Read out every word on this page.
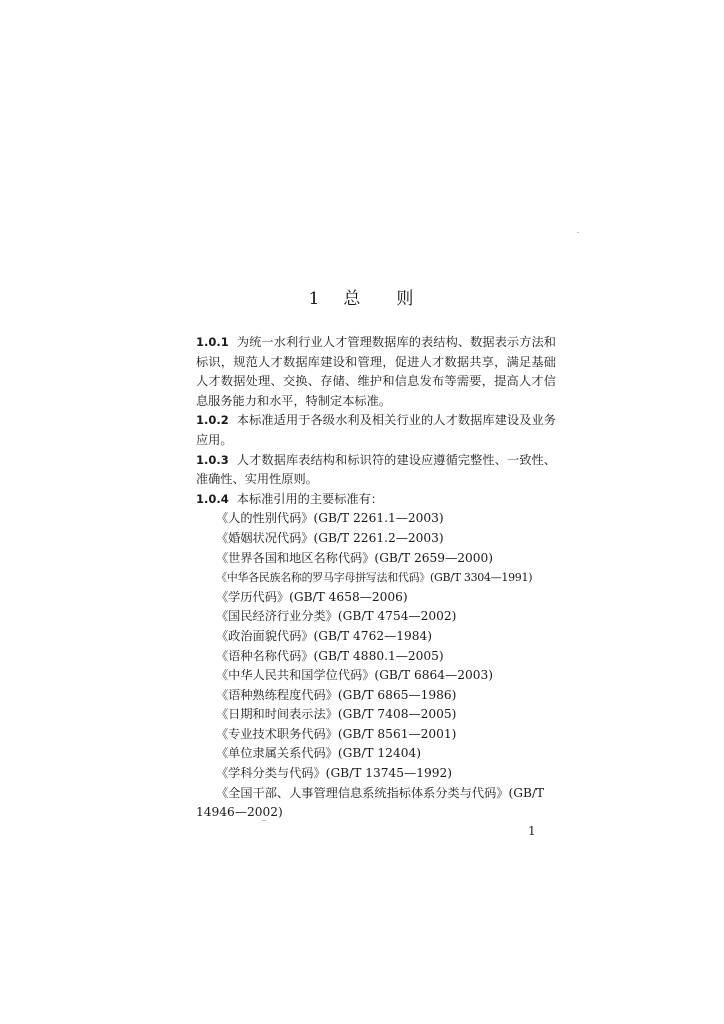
1 总 则

1.0.1 为统一水利行业人才管理数据库的表结构、数据表示方法和标识，规范人才数据库建设和管理，促进人才数据共享，满足基础人才数据处理、交换、存储、维护和信息发布等需要，提高人才信息服务能力和水平，特制定本标准。

1.0.2 本标准适用于各级水利及相关行业的人才数据库建设及业务应用。

1.0.3 人才数据库表结构和标识符的建设应遵循完整性、一致性、准确性、实用性原则。

1.0.4 本标准引用的主要标准有：

《人的性别代码》(GB/T 2261.1—2003)
《婚姻状况代码》(GB/T 2261.2—2003)
《世界各国和地区名称代码》(GB/T 2659—2000)
《中华各民族名称的罗马字母拼写法和代码》(GB/T 3304—1991)
《学历代码》(GB/T 4658—2006)
《国民经济行业分类》(GB/T 4754—2002)
《政治面貌代码》(GB/T 4762—1984)
《语种名称代码》(GB/T 4880.1—2005)
《中华人民共和国学位代码》(GB/T 6864—2003)
《语种熟练程度代码》(GB/T 6865—1986)
《日期和时间表示法》(GB/T 7408—2005)
《专业技术职务代码》(GB/T 8561—2001)
《单位隶属关系代码》(GB/T 12404)
《学科分类与代码》(GB/T 13745—1992)
《全国干部、人事管理信息系统指标体系分类与代码》(GB/T 14946—2002)
1
